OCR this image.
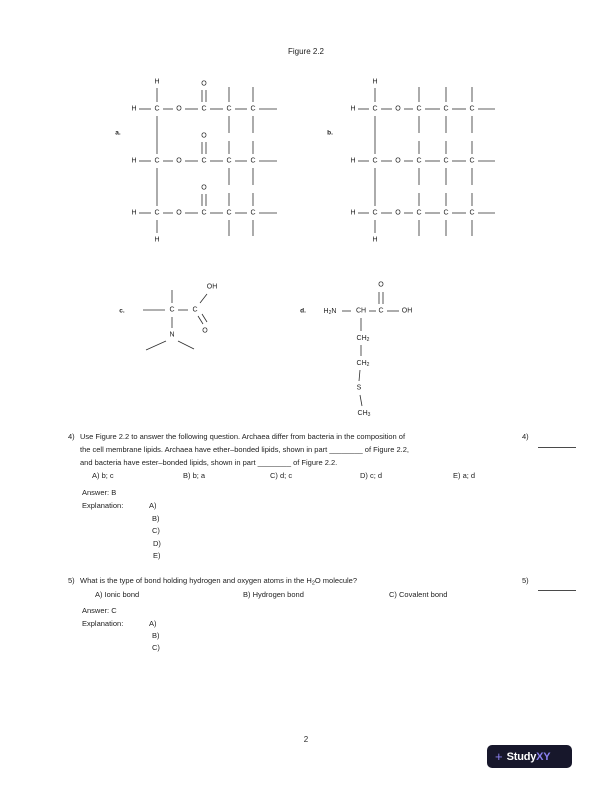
Figure 2.2
H
H
H	C O	C	C	C
O
H	C O	C	C	C
O
H	C O	C	C	C
O
a.
H
H
H C	O C	C	C
H C	O C	C	C
H C	O C	C	C
b.
C	C
OH
O
N
c.	$H_2N$	CH C
O
OH
$CH_2$
$CH_2$
S
$CH_3$
d.
4) Use Figure 2.2 to answer the following question. Archaea differ from bacteria in the composition of
the cell membrane lipids. Archaea have ether–bonded lipids, shown in part ________ of Figure 2.2,
and bacteria have ester–bonded lipids, shown in part ________ of Figure 2.2.
4)
A) b; c	B) b; a	C) d; c	D) c; d	E) a; d
Answer: B
Explanation:	A)
B)
C)
D)
E)
5) What is the type of bond holding hydrogen and oxygen atoms in the $H_2O$ molecule?	5)
A) Ionic bond	B) Hydrogen bond	C) Covalent bond
Answer: C
Explanation:	A)
B)
C)
2
+ Study XY
